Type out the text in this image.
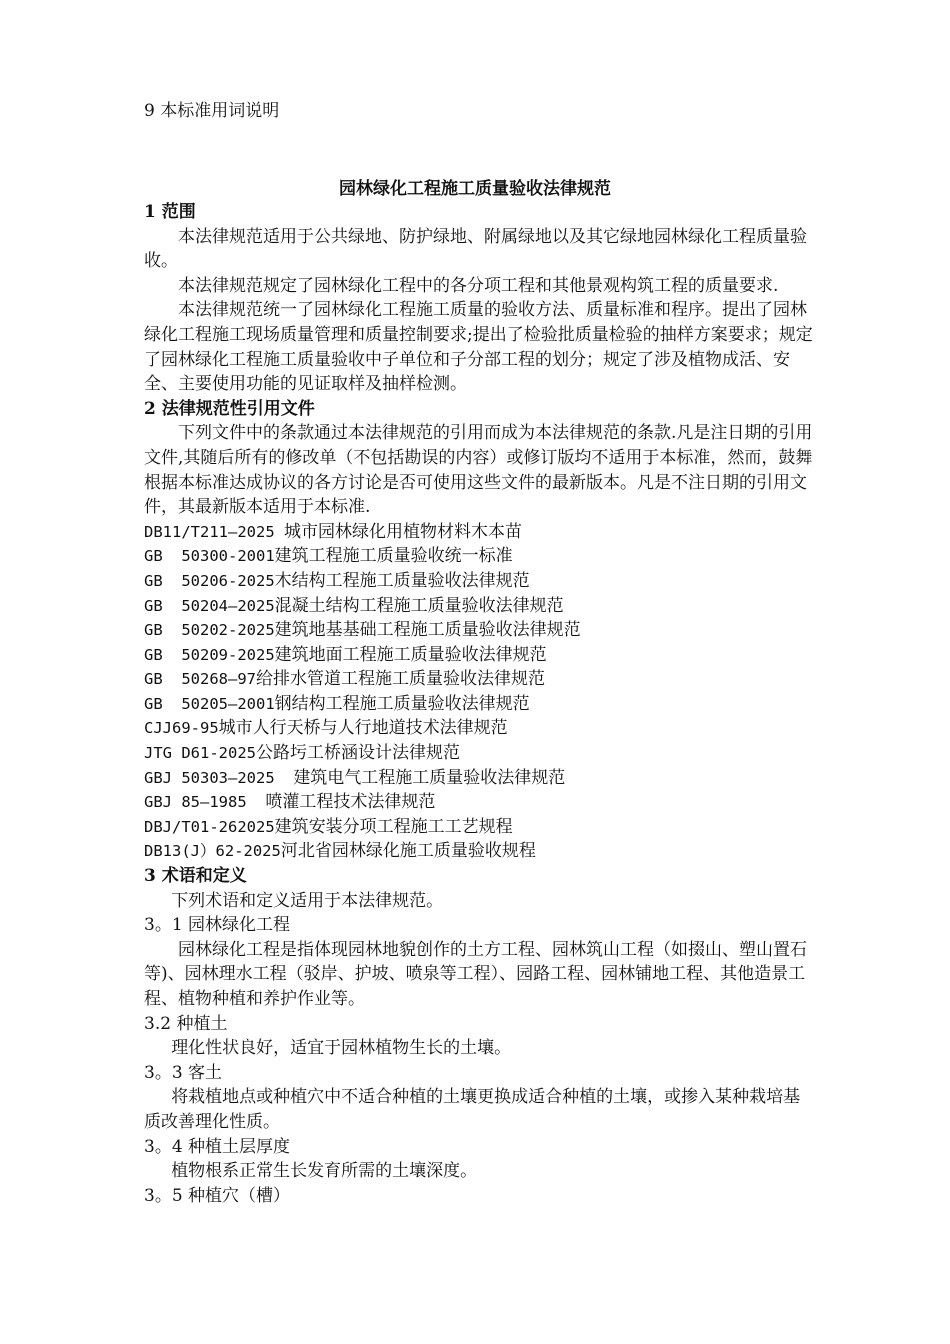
9 本标准用词说明
园林绿化工程施工质量验收法律规范
1 范围

本法律规范适用于公共绿地、防护绿地、附属绿地以及其它绿地园林绿化工程质量验收。

本法律规范规定了园林绿化工程中的各分项工程和其他景观构筑工程的质量要求.

本法律规范统一了园林绿化工程施工质量的验收方法、质量标准和程序。提出了园林绿化工程施工现场质量管理和质量控制要求;提出了检验批质量检验的抽样方案要求；规定了园林绿化工程施工质量验收中子单位和子分部工程的划分；规定了涉及植物成活、安全、主要使用功能的见证取样及抽样检测。

2 法律规范性引用文件

下列文件中的条款通过本法律规范的引用而成为本法律规范的条款.凡是注日期的引用文件,其随后所有的修改单（不包括勘误的内容）或修订版均不适用于本标准，然而，鼓舞根据本标准达成协议的各方讨论是否可使用这些文件的最新版本。凡是不注日期的引用文件，其最新版本适用于本标准.

DB11/T211—2025 城市园林绿化用植物材料木本苗
GB  50300-2001建筑工程施工质量验收统一标准
GB  50206-2025木结构工程施工质量验收法律规范
GB  50204—2025混凝土结构工程施工质量验收法律规范
GB  50202-2025建筑地基基础工程施工质量验收法律规范
GB  50209-2025建筑地面工程施工质量验收法律规范
GB  50268—97给排水管道工程施工质量验收法律规范
GB  50205—2001钢结构工程施工质量验收法律规范
CJJ69-95城市人行天桥与人行地道技术法律规范
JTG D61-2025公路圬工桥涵设计法律规范
GBJ 50303—2025  建筑电气工程施工质量验收法律规范
GBJ 85—1985  喷灌工程技术法律规范
DBJ/T01-262025建筑安装分项工程施工工艺规程
DB13(J）62-2025河北省园林绿化施工质量验收规程
3 术语和定义

下列术语和定义适用于本法律规范。

3。1 园林绿化工程

园林绿化工程是指体现园林地貌创作的土方工程、园林筑山工程（如掇山、塑山置石等)、园林理水工程（驳岸、护坡、喷泉等工程）、园路工程、园林铺地工程、其他造景工程、植物种植和养护作业等。

3.2 种植土

理化性状良好，适宜于园林植物生长的土壤。

3。3 客土

将栽植地点或种植穴中不适合种植的土壤更换成适合种植的土壤，或掺入某种栽培基质改善理化性质。

3。4 种植土层厚度

植物根系正常生长发育所需的土壤深度。

3。5 种植穴（槽）
